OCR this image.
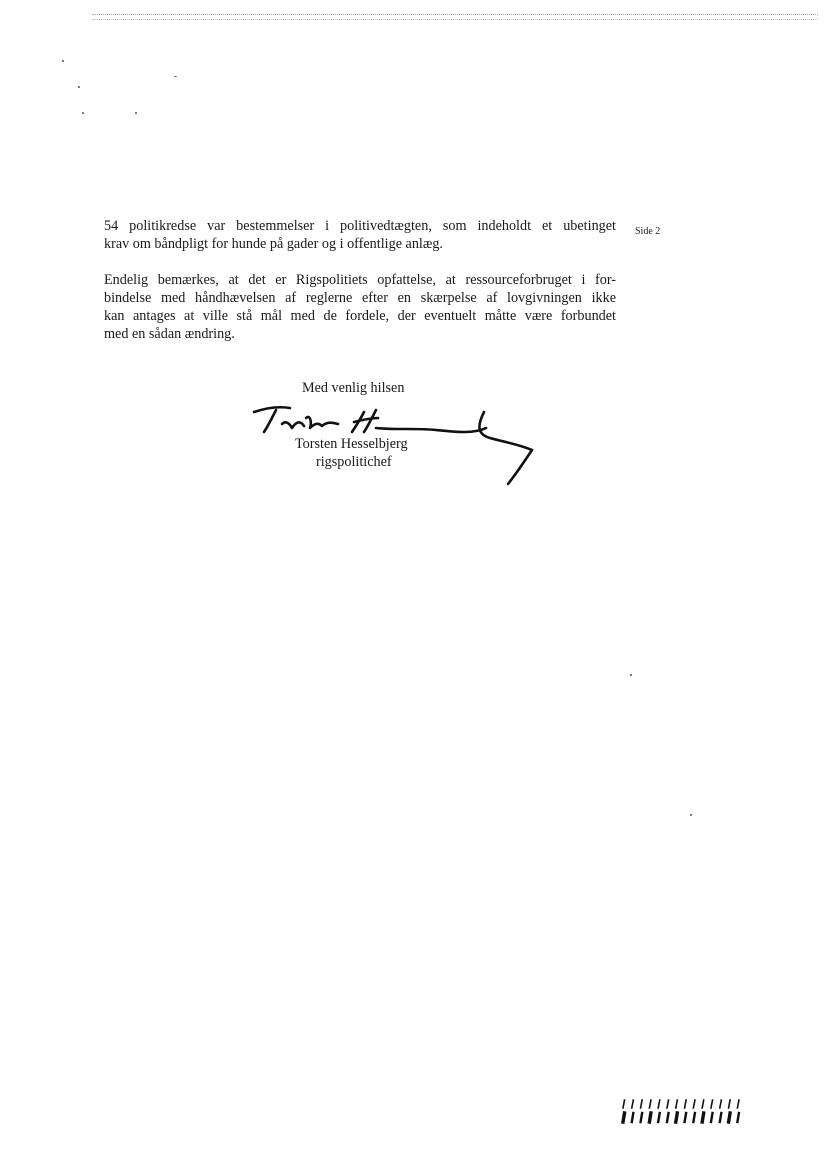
54 politikredse var bestemmelser i politivedtægten, som indeholdt et ubetinget
krav om båndpligt for hunde på gader og i offentlige anlæg.

Endelig bemærkes, at det er Rigspolitiets opfattelse, at ressourceforbruget i for-
bindelse med håndhævelsen af reglerne efter en skærpelse af lovgivningen ikke
kan antages at ville stå mål med de fordele, der eventuelt måtte være forbundet
med en sådan ændring.

Side 2
Med venlig hilsen
Torsten Hesselbjerg
rigspolitichef
